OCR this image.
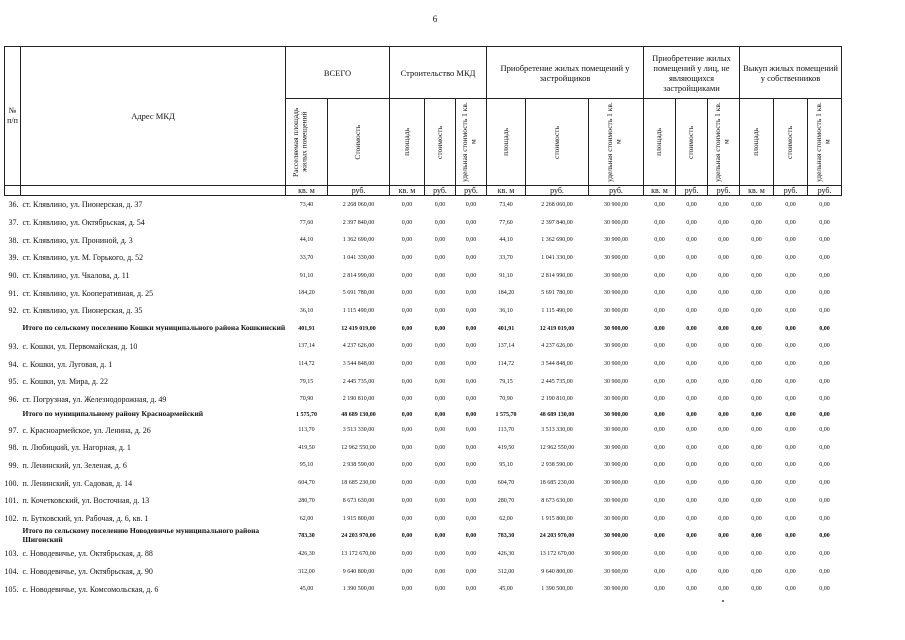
6
№ п/п	Адрес МКД	ВСЕГО		Строительство МКД			Приобретение жилых помещений у застройщиков			Приобретение жилых помещений у лиц, не являющихся застройщиками			Выкуп жилых помещений у собственников		

		Расселяемая площадь жилых помещений	Стоимость	площадь	стоимость	удельная стоимость 1 кв. м	площадь	стоимость	удельная стоимость 1 кв. м	площадь	стоимость	удельная стоимость 1 кв. м	площадь	стоимость	удельная стоимость 1 кв. м

		кв. м	руб.	кв. м	руб.	руб.	кв. м	руб.	руб.	кв. м	руб.	руб.	кв. м	руб.	руб.
36.	ст. Клявлино, ул. Пионерская, д. 37	73,40	2 268 060,00	0,00	0,00	0,00	73,40	2 268 060,00	30 900,00	0,00	0,00	0,00	0,00	0,00	0,00
37.	ст. Клявлино, ул. Октябрьская, д. 54	77,60	2 397 840,00	0,00	0,00	0,00	77,60	2 397 840,00	30 900,00	0,00	0,00	0,00	0,00	0,00	0,00
38.	ст. Клявлино, ул. Прониной, д. 3	44,10	1 362 690,00	0,00	0,00	0,00	44,10	1 362 690,00	30 900,00	0,00	0,00	0,00	0,00	0,00	0,00
39.	ст. Клявлино, ул. М. Горького, д. 52	33,70	1 041 330,00	0,00	0,00	0,00	33,70	1 041 330,00	30 900,00	0,00	0,00	0,00	0,00	0,00	0,00
90.	ст. Клявлино, ул. Чкалова, д. 11	91,10	2 814 990,00	0,00	0,00	0,00	91,10	2 814 990,00	30 900,00	0,00	0,00	0,00	0,00	0,00	0,00
91.	ст. Клявлино, ул. Кооперативная, д. 25	184,20	5 691 780,00	0,00	0,00	0,00	184,20	5 691 780,00	30 900,00	0,00	0,00	0,00	0,00	0,00	0,00
92.	ст. Клявлино, ул. Пионерская, д. 35	36,10	1 115 490,00	0,00	0,00	0,00	36,10	1 115 490,00	30 900,00	0,00	0,00	0,00	0,00	0,00	0,00
	Итого по сельскому поселению Кошки муниципального района Кошкинский	401,91	12 419 019,00	0,00	0,00	0,00	401,91	12 419 019,00	30 900,00	0,00	0,00	0,00	0,00	0,00	0,00
93.	с. Кошки, ул. Первомайская, д. 10	137,14	4 237 626,00	0,00	0,00	0,00	137,14	4 237 626,00	30 900,00	0,00	0,00	0,00	0,00	0,00	0,00
94.	с. Кошки, ул. Луговая, д. 1	114,72	3 544 848,00	0,00	0,00	0,00	114,72	3 544 848,00	30 900,00	0,00	0,00	0,00	0,00	0,00	0,00
95.	с. Кошки, ул. Мира, д. 22	79,15	2 445 735,00	0,00	0,00	0,00	79,15	2 445 735,00	30 900,00	0,00	0,00	0,00	0,00	0,00	0,00
96.	ст. Погрузная, ул. Железнодорожная, д. 49	70,90	2 190 810,00	0,00	0,00	0,00	70,90	2 190 810,00	30 900,00	0,00	0,00	0,00	0,00	0,00	0,00
	Итого по муниципальному району Красноармейский	1 575,70	48 689 130,00	0,00	0,00	0,00	1 575,70	48 689 130,00	30 900,00	0,00	0,00	0,00	0,00	0,00	0,00
97.	с. Красноармейское, ул. Ленина, д. 26	113,70	3 513 330,00	0,00	0,00	0,00	113,70	3 513 330,00	30 900,00	0,00	0,00	0,00	0,00	0,00	0,00
98.	п. Любицкий, ул. Нагорная, д. 1	419,50	12 962 550,00	0,00	0,00	0,00	419,50	12 962 550,00	30 900,00	0,00	0,00	0,00	0,00	0,00	0,00
99.	п. Ленинский, ул. Зеленая, д. 6	95,10	2 938 590,00	0,00	0,00	0,00	95,10	2 938 590,00	30 900,00	0,00	0,00	0,00	0,00	0,00	0,00
100.	п. Ленинский, ул. Садовая, д. 14	604,70	18 685 230,00	0,00	0,00	0,00	604,70	18 685 230,00	30 900,00	0,00	0,00	0,00	0,00	0,00	0,00
101.	п. Кочетковский, ул. Восточная, д. 13	280,70	8 673 630,00	0,00	0,00	0,00	280,70	8 673 630,00	30 900,00	0,00	0,00	0,00	0,00	0,00	0,00
102.	п. Бутковский, ул. Рабочая, д. 6, кв. 1	62,00	1 915 800,00	0,00	0,00	0,00	62,00	1 915 800,00	30 900,00	0,00	0,00	0,00	0,00	0,00	0,00
	Итого по сельскому поселению Новодевичье муниципального района Шигонский	783,30	24 203 970,00	0,00	0,00	0,00	783,30	24 203 970,00	30 900,00	0,00	0,00	0,00	0,00	0,00	0,00
103.	с. Новодевичье, ул. Октябрьская, д. 88	426,30	13 172 670,00	0,00	0,00	0,00	426,30	13 172 670,00	30 900,00	0,00	0,00	0,00	0,00	0,00	0,00
104.	с. Новодевичье, ул. Октябрьская, д. 90	312,00	9 640 800,00	0,00	0,00	0,00	312,00	9 640 800,00	30 900,00	0,00	0,00	0,00	0,00	0,00	0,00
105.	с. Новодевичье, ул. Комсомольская, д. 6	45,00	1 390 500,00	0,00	0,00	0,00	45,00	1 390 500,00	30 900,00	0,00	0,00	0,00	0,00	0,00	0,00
